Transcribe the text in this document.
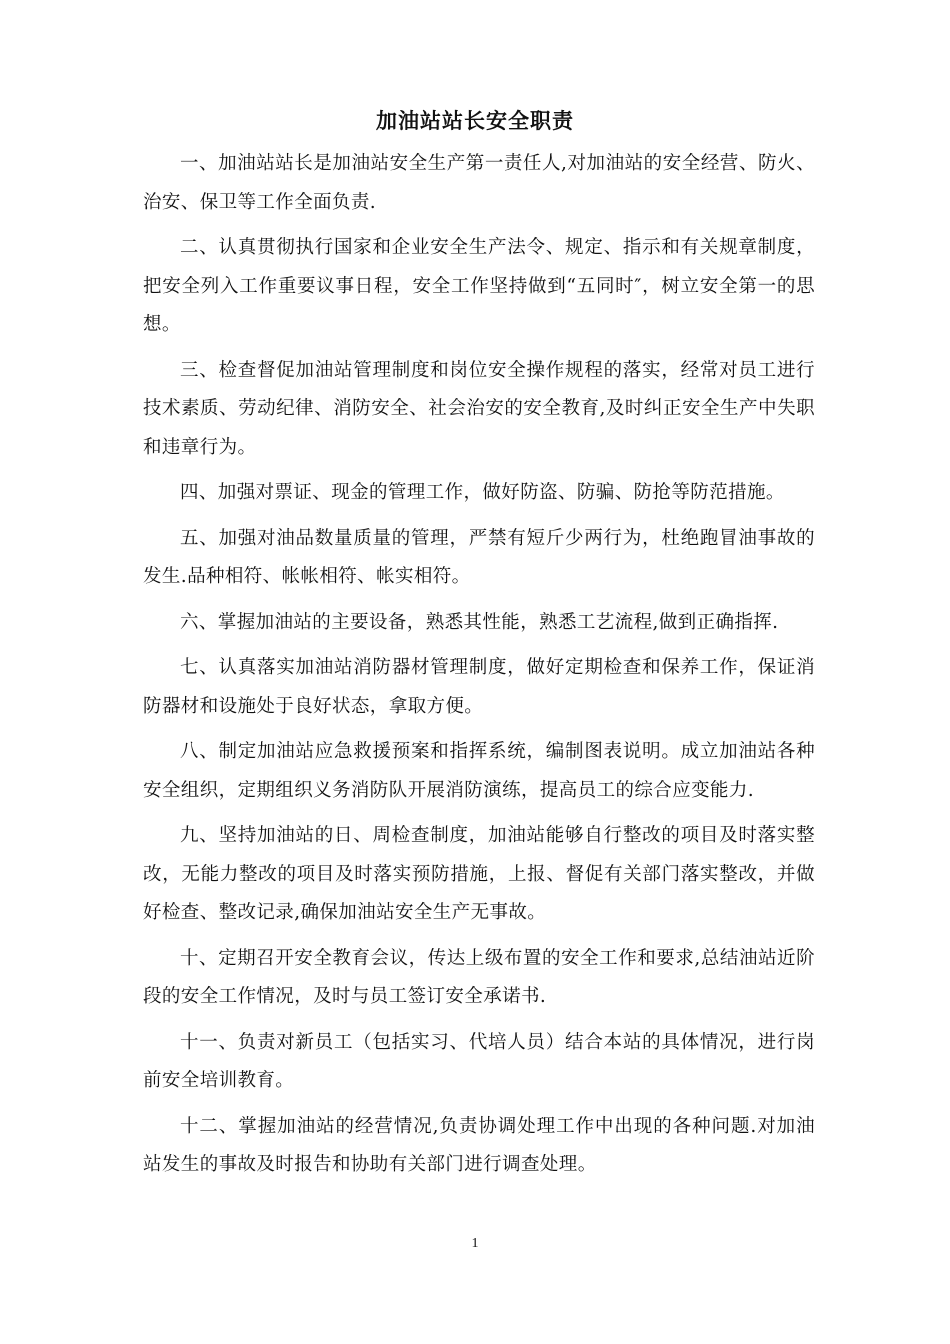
加油站站长安全职责

一、加油站站长是加油站安全生产第一责任人,对加油站的安全经营、防火、治安、保卫等工作全面负责.

二、认真贯彻执行国家和企业安全生产法令、规定、指示和有关规章制度，把安全列入工作重要议事日程，安全工作坚持做到“五同时″，树立安全第一的思想。

三、检查督促加油站管理制度和岗位安全操作规程的落实，经常对员工进行技术素质、劳动纪律、消防安全、社会治安的安全教育,及时纠正安全生产中失职和违章行为。

四、加强对票证、现金的管理工作，做好防盗、防骗、防抢等防范措施。

五、加强对油品数量质量的管理，严禁有短斤少两行为，杜绝跑冒油事故的发生.品种相符、帐帐相符、帐实相符。

六、掌握加油站的主要设备，熟悉其性能，熟悉工艺流程,做到正确指挥.

七、认真落实加油站消防器材管理制度，做好定期检查和保养工作，保证消防器材和设施处于良好状态，拿取方便。

八、制定加油站应急救援预案和指挥系统，编制图表说明。成立加油站各种安全组织，定期组织义务消防队开展消防演练，提高员工的综合应变能力.

九、坚持加油站的日、周检查制度，加油站能够自行整改的项目及时落实整改，无能力整改的项目及时落实预防措施，上报、督促有关部门落实整改，并做好检查、整改记录,确保加油站安全生产无事故。

十、定期召开安全教育会议，传达上级布置的安全工作和要求,总结油站近阶段的安全工作情况，及时与员工签订安全承诺书.

十一、负责对新员工（包括实习、代培人员）结合本站的具体情况，进行岗前安全培训教育。

十二、掌握加油站的经营情况,负责协调处理工作中出现的各种问题.对加油站发生的事故及时报告和协助有关部门进行调查处理。

1
